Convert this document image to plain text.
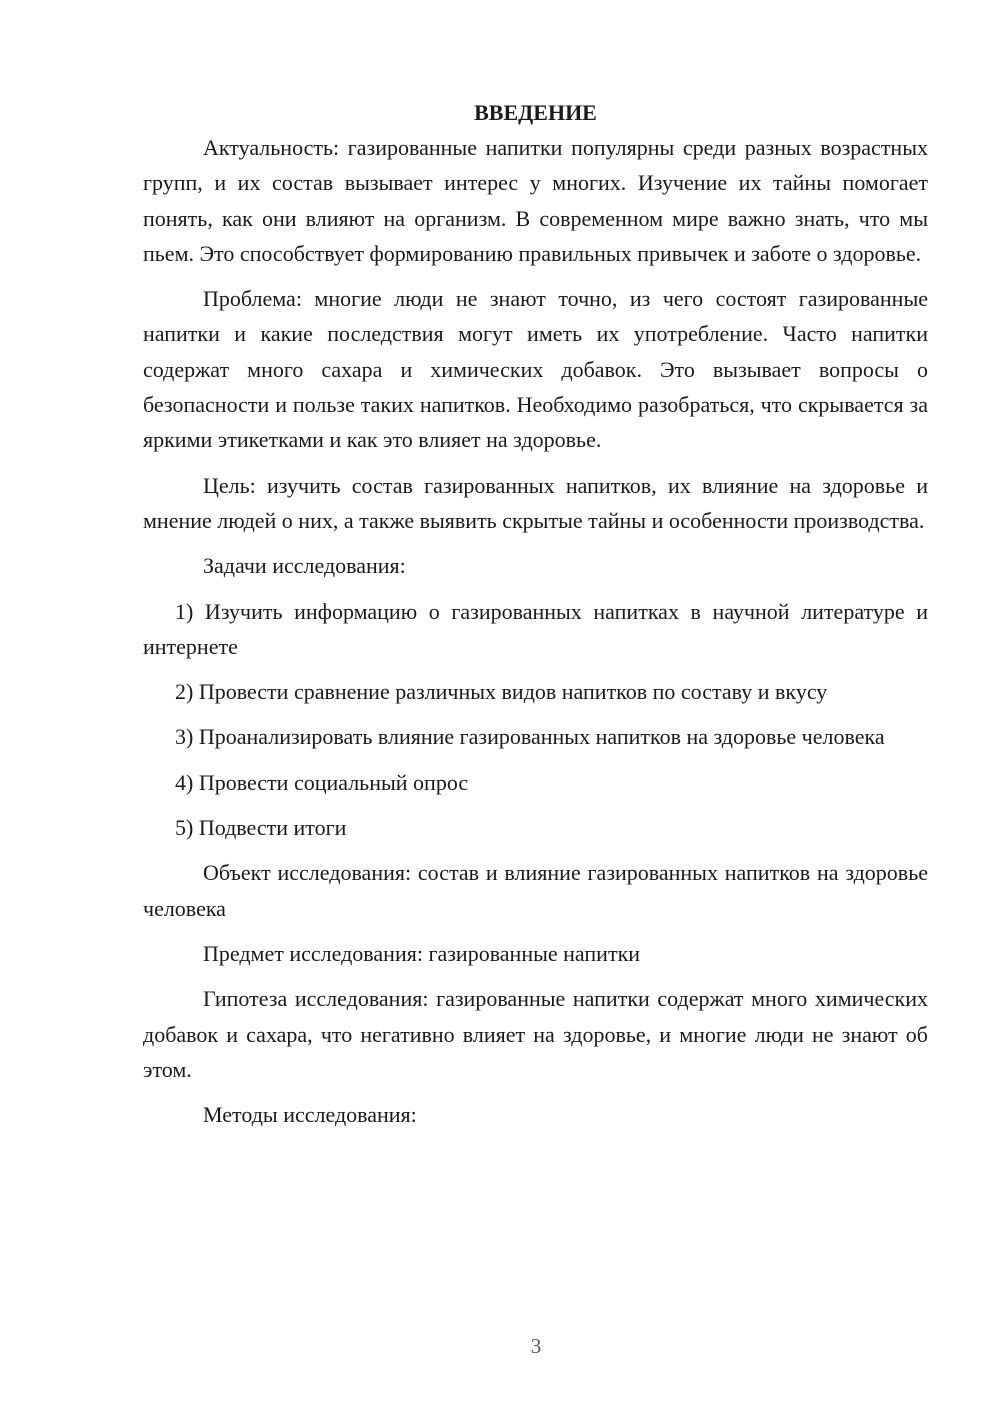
ВВЕДЕНИЕ

Актуальность: газированные напитки популярны среди разных возрастных групп, и их состав вызывает интерес у многих. Изучение их тайны помогает понять, как они влияют на организм. В современном мире важно знать, что мы пьем. Это способствует формированию правильных привычек и заботе о здоровье.

Проблема: многие люди не знают точно, из чего состоят газированные напитки и какие последствия могут иметь их употребление. Часто напитки содержат много сахара и химических добавок. Это вызывает вопросы о безопасности и пользе таких напитков. Необходимо разобраться, что скрывается за яркими этикетками и как это влияет на здоровье.

Цель: изучить состав газированных напитков, их влияние на здоровье и мнение людей о них, а также выявить скрытые тайны и особенности производства.

Задачи исследования:

1) Изучить информацию о газированных напитках в научной литературе и интернете

2) Провести сравнение различных видов напитков по составу и вкусу

3) Проанализировать влияние газированных напитков на здоровье человека

4) Провести социальный опрос

5) Подвести итоги

Объект исследования: состав и влияние газированных напитков на здоровье человека

Предмет исследования: газированные напитки

Гипотеза исследования: газированные напитки содержат много химических добавок и сахара, что негативно влияет на здоровье, и многие люди не знают об этом.

Методы исследования:

3
